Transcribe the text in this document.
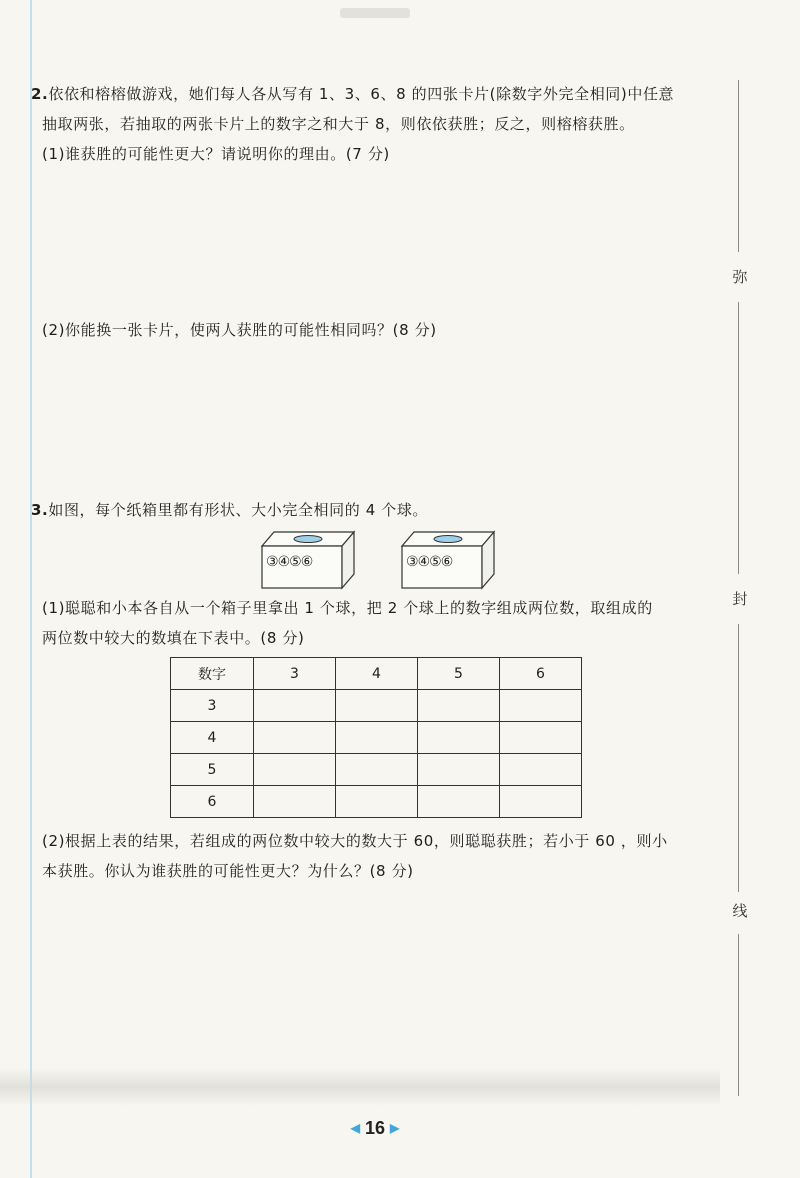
2.依依和榕榕做游戏，她们每人各从写有 1、3、6、8 的四张卡片(除数字外完全相同)中任意
抽取两张，若抽取的两张卡片上的数字之和大于 8，则依依获胜；反之，则榕榕获胜。
(1)谁获胜的可能性更大？请说明你的理由。(7 分)
(2)你能换一张卡片，使两人获胜的可能性相同吗？(8 分)
3.如图，每个纸箱里都有形状、大小完全相同的 4 个球。
③④⑤⑥	③④⑤⑥
(1)聪聪和小本各自从一个箱子里拿出 1 个球，把 2 个球上的数字组成两位数，取组成的
两位数中较大的数填在下表中。(8 分)
数字	3	4	5	6
3				
4				
5				
6				
(2)根据上表的结果，若组成的两位数中较大的数大于 60，则聪聪获胜；若小于 60 ，则小
本获胜。你认为谁获胜的可能性更大？为什么？(8 分)
弥
封
线
◀ 16 ▶
